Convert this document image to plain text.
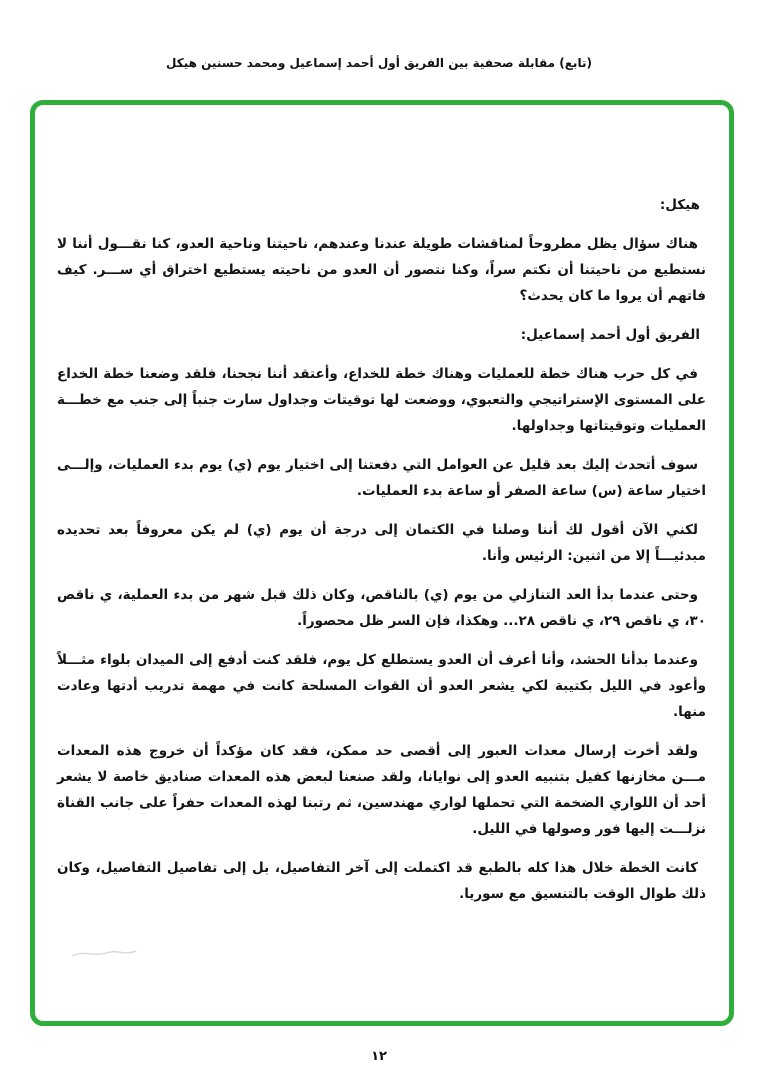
(تابع) مقابلة صحفية بين الفريق أول أحمد إسماعيل ومحمد حسنين هيكل
هيكل:
هناك سؤال يظل مطروحاً لمناقشات طويلة عندنا وعندهم، ناحيتنا وناحية العدو، كنا نقـــول أننا لا نستطيع من ناحيتنا أن نكتم سراً، وكنا نتصور أن العدو من ناحيته يستطيع اختراق أي ســـر. كيف فاتهم أن يروا ما كان يحدث؟
الفريق أول أحمد إسماعيل:
في كل حرب هناك خطة للعمليات وهناك خطة للخداع، وأعتقد أننا نجحنا، فلقد وضعنا خطة الخداع على المستوى الإستراتيجي والتعبوي، ووضعت لها توقيتات وجداول سارت جنباً إلى جنب مع خطـــة العمليات وتوقيتاتها وجداولها.
سوف أتحدث إليك بعد قليل عن العوامل التي دفعتنا إلى اختيار يوم (ي) يوم بدء العمليات، وإلـــى اختيار ساعة (س) ساعة الصفر أو ساعة بدء العمليات.
لكني الآن أقول لك أننا وصلنا في الكتمان إلى درجة أن يوم (ي) لم يكن معروفاً بعد تحديده مبدئيـــاً إلا من اثنين: الرئيس وأنا.
وحتى عندما بدأ العد التنازلي من يوم (ي) بالناقص، وكان ذلك قبل شهر من بدء العملية، ي ناقص ٣٠، ي ناقص ٢٩، ي ناقص ٢٨... وهكذا، فإن السر ظل محصوراً.
وعندما بدأنا الحشد، وأنا أعرف أن العدو يستطلع كل يوم، فلقد كنت أدفع إلى الميدان بلواء مثـــلاً وأعود في الليل بكتيبة لكي يشعر العدو أن القوات المسلحة كانت في مهمة تدريب أدتها وعادت منها.
ولقد أخرت إرسال معدات العبور إلى أقصى حد ممكن، فقد كان مؤكداً أن خروج هذه المعدات مـــن مخازنها كفيل بتنبيه العدو إلى نوايانا، ولقد صنعنا لبعض هذه المعدات صناديق خاصة لا يشعر أحد أن اللواري الضخمة التي تحملها لواري مهندسين، ثم رتبنا لهذه المعدات حفراً على جانب القناة نزلـــت إليها فور وصولها في الليل.
كانت الخطة خلال هذا كله بالطبع قد اكتملت إلى آخر التفاصيل، بل إلى تفاصيل التفاصيل، وكان ذلك طوال الوقت بالتنسيق مع سوريا.
١٢
